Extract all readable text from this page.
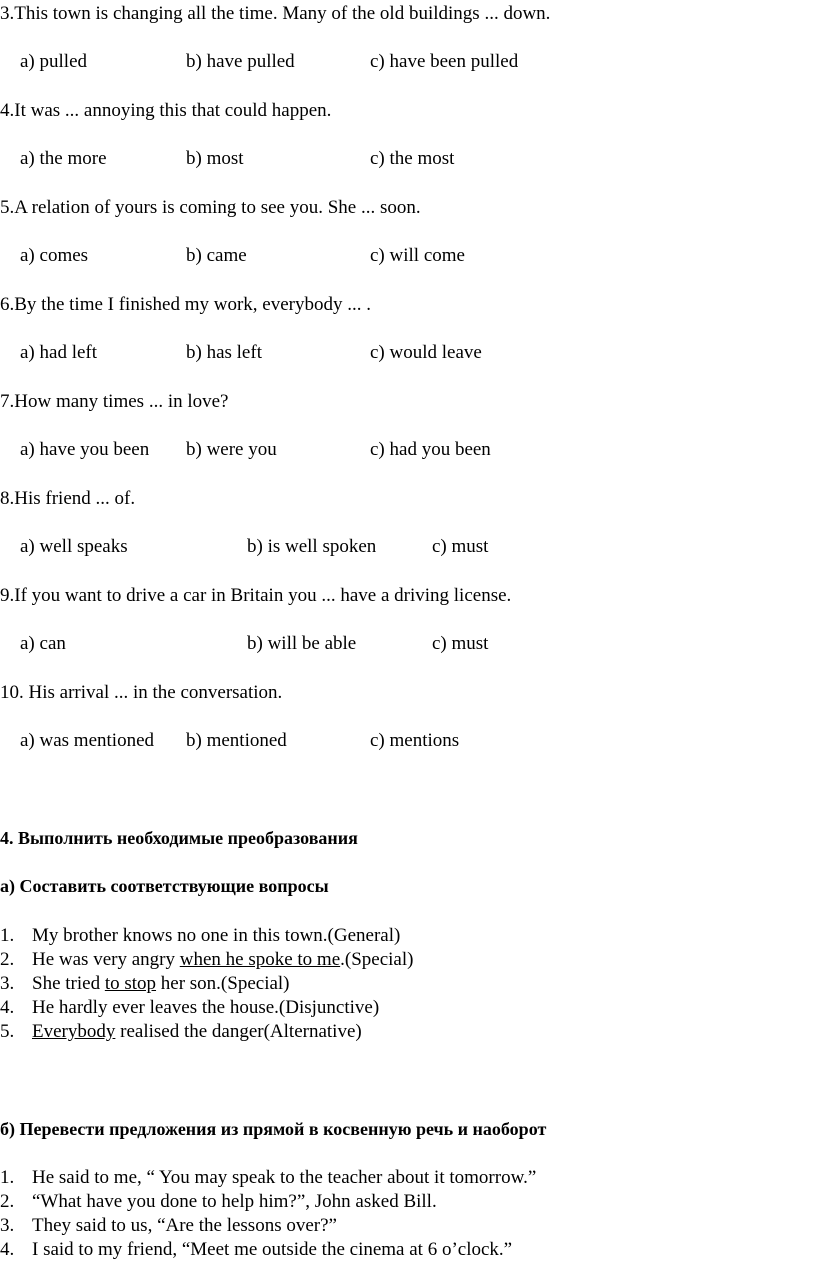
3.This town is changing all the time. Many of the old buildings ... down.
a) pulled	b) have pulled	c) have been pulled
4.It was ... annoying this that could happen.
a) the more	b) most	c) the most
5.A relation of yours is coming to see you. She ... soon.
a) comes	b) came	c) will come
6.By the time I finished my work, everybody ... .
a) had left	b) has left	c) would leave
7.How many times ... in love?
a) have you been b) were you	c) had you been
8.His friend ... of.
a) well speaks	b) is well spoken	c) must
9.If you want to drive a car in Britain you ... have a driving license.
a) can	b) will be able	c) must
10. His arrival ... in the conversation.
a) was mentioned b) mentioned	c) mentions
4. Выполнить необходимые преобразования
а) Составить соответствующие вопросы
1. My brother knows no one in this town.(General)
2. He was very angry when he spoke to me.(Special)
3. She tried to stop her son.(Special)
4. He hardly ever leaves the house.(Disjunctive)
5. Everybody realised the danger(Alternative)
б) Перевести предложения из прямой в косвенную речь и наоборот
1. He said to me, “ You may speak to the teacher about it tomorrow.”
2. “What have you done to help him?”, John asked Bill.
3. They said to us, “Are the lessons over?”
4. I said to my friend, “Meet me outside the cinema at 6 o’clock.”
